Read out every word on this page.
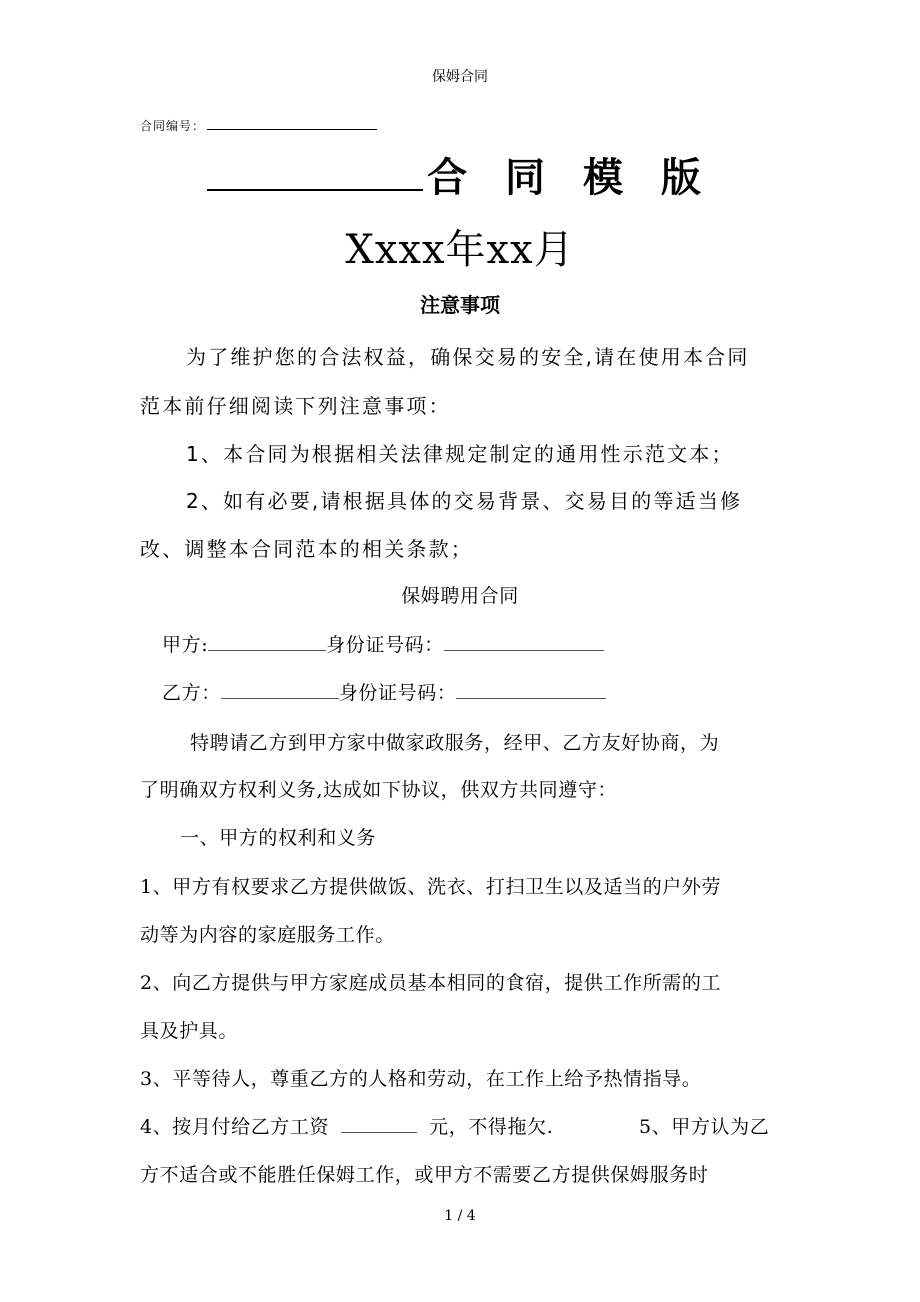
保姆合同
合同编号：
合 同 模 版
Xxxx年xx月
注意事项
为了维护您的合法权益，确保交易的安全,请在使用本合同
范本前仔细阅读下列注意事项：
1、本合同为根据相关法律规定制定的通用性示范文本；
2、如有必要,请根据具体的交易背景、交易目的等适当修
改、调整本合同范本的相关条款；
保姆聘用合同
甲方:	身份证号码：
乙方：	身份证号码：
特聘请乙方到甲方家中做家政服务，经甲、乙方友好协商，为
了明确双方权利义务,达成如下协议，供双方共同遵守：
一、甲方的权利和义务
1、甲方有权要求乙方提供做饭、洗衣、打扫卫生以及适当的户外劳
动等为内容的家庭服务工作。
2、向乙方提供与甲方家庭成员基本相同的食宿，提供工作所需的工
具及护具。
3、平等待人，尊重乙方的人格和劳动，在工作上给予热情指导。
4、按月付给乙方工资	元，不得拖欠.	5、甲方认为乙
方不适合或不能胜任保姆工作，或甲方不需要乙方提供保姆服务时
1 / 4
